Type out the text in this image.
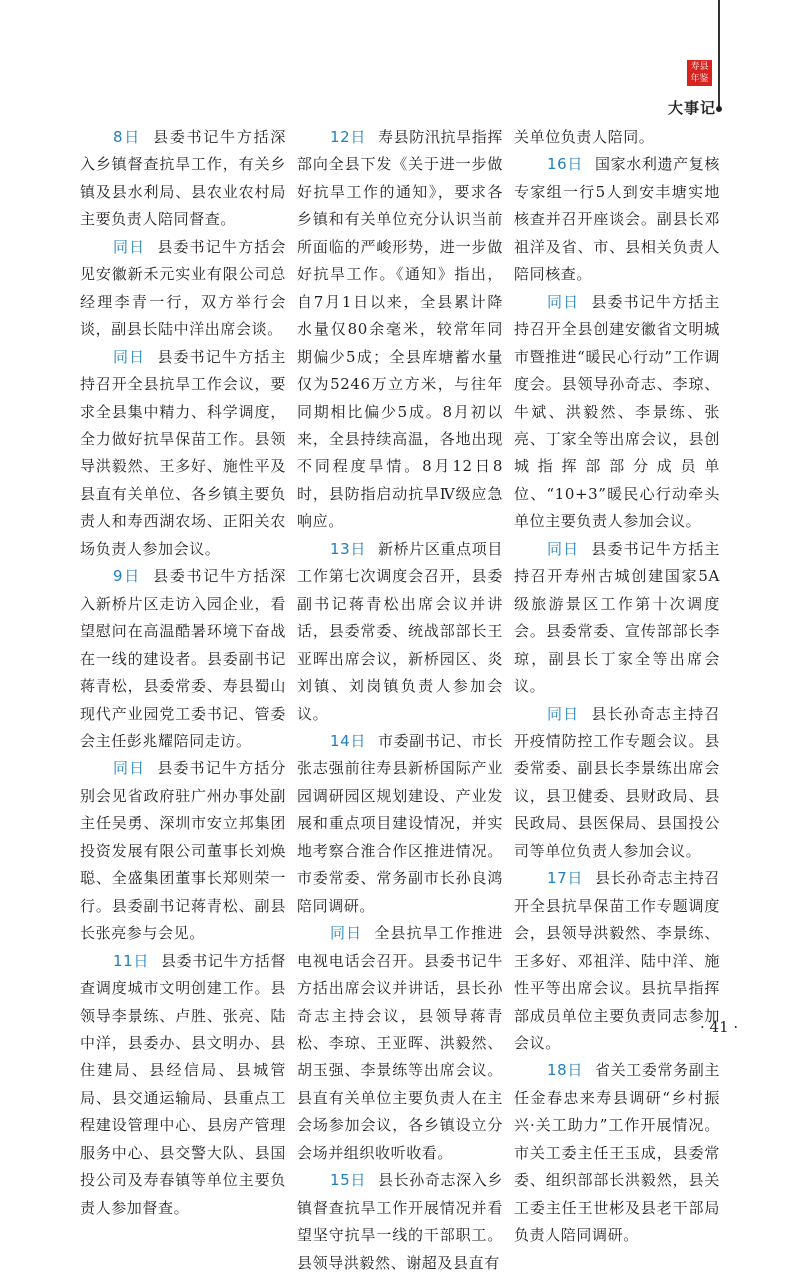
寿县
年鉴
大事记

8日 县委书记牛方括深入乡镇督查抗旱工作，有关乡镇及县水利局、县农业农村局主要负责人陪同督查。

同日 县委书记牛方括会见安徽新禾元实业有限公司总经理李青一行，双方举行会谈，副县长陆中洋出席会谈。

同日 县委书记牛方括主持召开全县抗旱工作会议，要求全县集中精力、科学调度，全力做好抗旱保苗工作。县领导洪毅然、王多好、施性平及县直有关单位、各乡镇主要负责人和寿西湖农场、正阳关农场负责人参加会议。

9日 县委书记牛方括深入新桥片区走访入园企业，看望慰问在高温酷暑环境下奋战在一线的建设者。县委副书记蒋青松，县委常委、寿县蜀山现代产业园党工委书记、管委会主任彭兆耀陪同走访。

同日 县委书记牛方括分别会见省政府驻广州办事处副主任吴勇、深圳市安立邦集团投资发展有限公司董事长刘焕聪、全盛集团董事长郑则荣一行。县委副书记蒋青松、副县长张亮参与会见。

11日 县委书记牛方括督查调度城市文明创建工作。县领导李景练、卢胜、张亮、陆中洋，县委办、县文明办、县住建局、县经信局、县城管局、县交通运输局、县重点工程建设管理中心、县房产管理服务中心、县交警大队、县国投公司及寿春镇等单位主要负责人参加督查。

12日 寿县防汛抗旱指挥部向全县下发《关于进一步做好抗旱工作的通知》，要求各乡镇和有关单位充分认识当前所面临的严峻形势，进一步做好抗旱工作。《通知》指出，自7月1日以来，全县累计降水量仅80余毫米，较常年同期偏少5成；全县库塘蓄水量仅为5246万立方米，与往年同期相比偏少5成。8月初以来，全县持续高温，各地出现不同程度旱情。8月12日8时，县防指启动抗旱Ⅳ级应急响应。

13日 新桥片区重点项目工作第七次调度会召开，县委副书记蒋青松出席会议并讲话，县委常委、统战部部长王亚晖出席会议，新桥园区、炎刘镇、刘岗镇负责人参加会议。

14日 市委副书记、市长张志强前往寿县新桥国际产业园调研园区规划建设、产业发展和重点项目建设情况，并实地考察合淮合作区推进情况。市委常委、常务副市长孙良鸿陪同调研。

同日 全县抗旱工作推进电视电话会召开。县委书记牛方括出席会议并讲话，县长孙奇志主持会议，县领导蒋青松、李琼、王亚晖、洪毅然、胡玉强、李景练等出席会议。县直有关单位主要负责人在主会场参加会议，各乡镇设立分会场并组织收听收看。

15日 县长孙奇志深入乡镇督查抗旱工作开展情况并看望坚守抗旱一线的干部职工。县领导洪毅然、谢超及县直有

关单位负责人陪同。

16日 国家水利遗产复核专家组一行5人到安丰塘实地核查并召开座谈会。副县长邓祖洋及省、市、县相关负责人陪同核查。

同日 县委书记牛方括主持召开全县创建安徽省文明城市暨推进“暖民心行动”工作调度会。县领导孙奇志、李琼、牛斌、洪毅然、李景练、张亮、丁家全等出席会议，县创城指挥部部分成员单位、“10+3”暖民心行动牵头单位主要负责人参加会议。

同日 县委书记牛方括主持召开寿州古城创建国家5A级旅游景区工作第十次调度会。县委常委、宣传部部长李琼，副县长丁家全等出席会议。

同日 县长孙奇志主持召开疫情防控工作专题会议。县委常委、副县长李景练出席会议，县卫健委、县财政局、县民政局、县医保局、县国投公司等单位负责人参加会议。

17日 县长孙奇志主持召开全县抗旱保苗工作专题调度会，县领导洪毅然、李景练、王多好、邓祖洋、陆中洋、施性平等出席会议。县抗旱指挥部成员单位主要负责同志参加会议。

18日 省关工委常务副主任金春忠来寿县调研“乡村振兴·关工助力”工作开展情况。市关工委主任王玉成，县委常委、组织部部长洪毅然，县关工委主任王世彬及县老干部局负责人陪同调研。

· 41 ·
